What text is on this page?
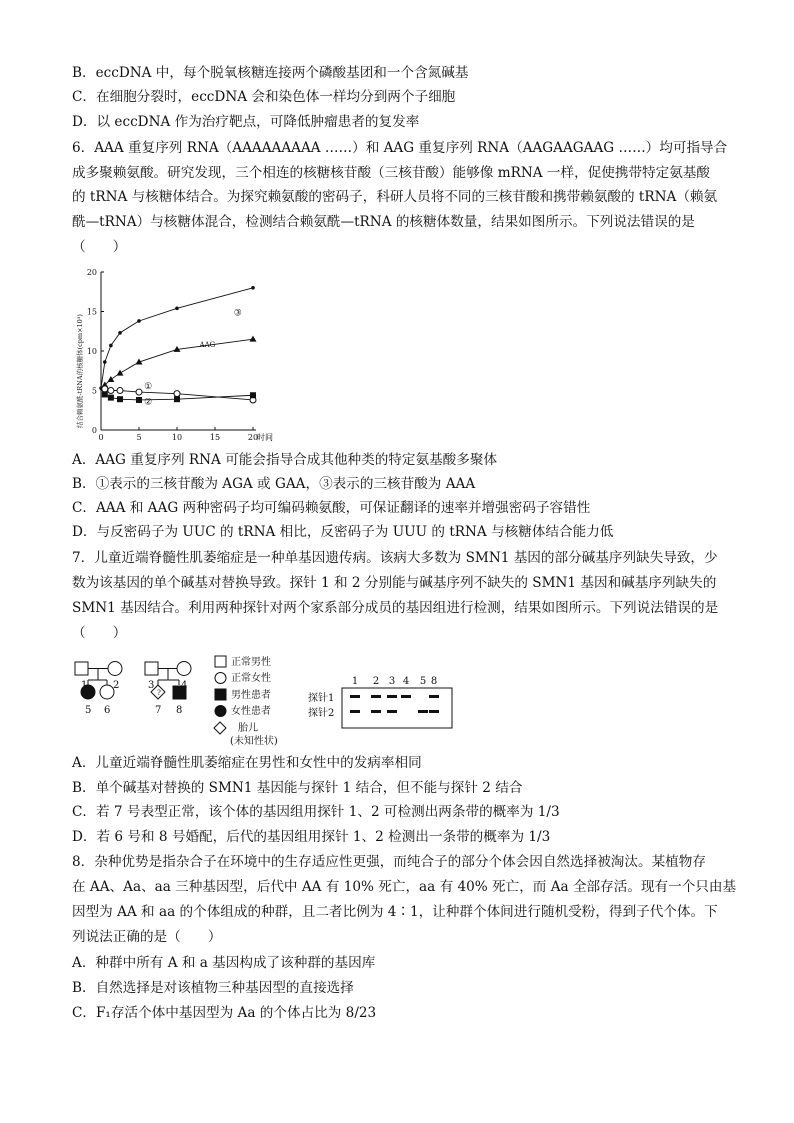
B．eccDNA 中，每个脱氧核糖连接两个磷酸基团和一个含氮碱基
C．在细胞分裂时，eccDNA 会和染色体一样均分到两个子细胞
D．以 eccDNA 作为治疗靶点，可降低肿瘤患者的复发率
6．AAA 重复序列 RNA（AAAAAAAAA ……）和 AAG 重复序列 RNA（AAGAAGAAG ……）均可指导合
成多聚赖氨酸。研究发现，三个相连的核糖核苷酸（三核苷酸）能够像 mRNA 一样，促使携带特定氨基酸
的 tRNA 与核糖体结合。为探究赖氨酸的密码子，科研人员将不同的三核苷酸和携带赖氨酸的 tRNA（赖氨
酰—tRNA）与核糖体混合，检测结合赖氨酰—tRNA 的核糖体数量，结果如图所示。下列说法错误的是
（　　）
0	5	10	15	20
0
5
10
15
20
时间
结合赖氨酰-tRNA的核糖体(cpm×10³)
③
AAG
①
②
A．AAG 重复序列 RNA 可能会指导合成其他种类的特定氨基酸多聚体
B．①表示的三核苷酸为 AGA 或 GAA，③表示的三核苷酸为 AAA
C．AAA 和 AAG 两种密码子均可编码赖氨酸，可保证翻译的速率并增强密码子容错性
D．与反密码子为 UUC 的 tRNA 相比，反密码子为 UUU 的 tRNA 与核糖体结合能力低
7．儿童近端脊髓性肌萎缩症是一种单基因遗传病。该病大多数为 SMN1 基因的部分碱基序列缺失导致，少
数为该基因的单个碱基对替换导致。探针 1 和 2 分别能与碱基序列不缺失的 SMN1 基因和碱基序列缺失的
SMN1 基因结合。利用两种探针对两个家系部分成员的基因组进行检测，结果如图所示。下列说法错误的是
（　　）
?
1	2	3	4
5 6	7 8
正常男性
正常女性
男性患者
女性患者
胎儿
(未知性状)
1 2 3 4 5 8
探针1
探针2
A．儿童近端脊髓性肌萎缩症在男性和女性中的发病率相同
B．单个碱基对替换的 SMN1 基因能与探针 1 结合，但不能与探针 2 结合
C．若 7 号表型正常，该个体的基因组用探针 1、2 可检测出两条带的概率为 1/3
D．若 6 号和 8 号婚配，后代的基因组用探针 1、2 检测出一条带的概率为 1/3
8．杂种优势是指杂合子在环境中的生存适应性更强，而纯合子的部分个体会因自然选择被淘汰。某植物存
在 AA、Aa、aa 三种基因型，后代中 AA 有 10% 死亡，aa 有 40% 死亡，而 Aa 全部存活。现有一个只由基
因型为 AA 和 aa 的个体组成的种群，且二者比例为 4∶1，让种群个体间进行随机受粉，得到子代个体。下
列说法正确的是（　　）
A．种群中所有 A 和 a 基因构成了该种群的基因库
B．自然选择是对该植物三种基因型的直接选择
C．F₁存活个体中基因型为 Aa 的个体占比为 8/23
